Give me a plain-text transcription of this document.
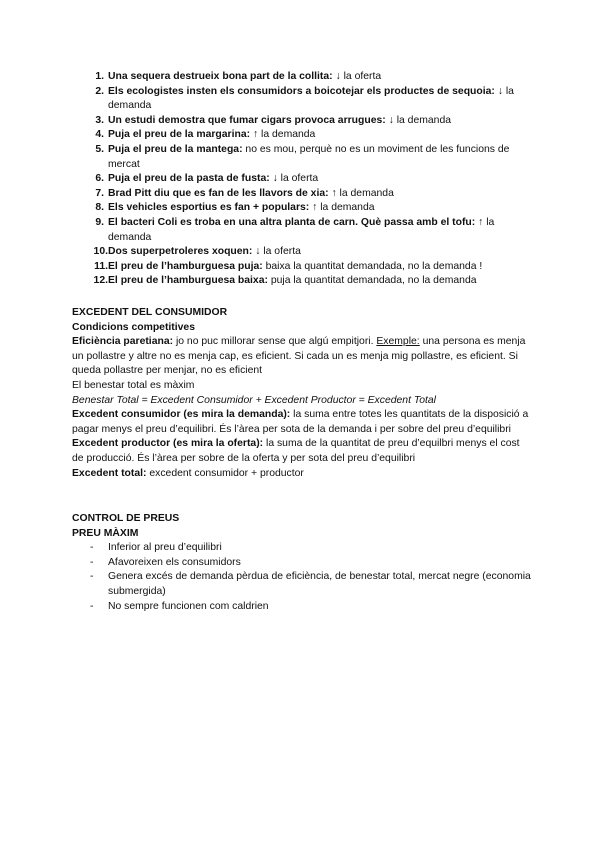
1. Una sequera destrueix bona part de la collita: ↓ la oferta
2. Els ecologistes insten els consumidors a boicotejar els productes de sequoia: ↓ la demanda
3. Un estudi demostra que fumar cigars provoca arrugues: ↓ la demanda
4. Puja el preu de la margarina: ↑ la demanda
5. Puja el preu de la mantega: no es mou, perquè no es un moviment de les funcions de mercat
6. Puja el preu de la pasta de fusta: ↓ la oferta
7. Brad Pitt diu que es fan de les llavors de xia: ↑ la demanda
8. Els vehicles esportius es fan + populars: ↑ la demanda
9. El bacteri Coli es troba en una altra planta de carn. Què passa amb el tofu: ↑ la demanda
10. Dos superpetroleres xoquen: ↓ la oferta
11. El preu de l’hamburguesa puja: baixa la quantitat demandada, no la demanda !
12. El preu de l’hamburguesa baixa: puja la quantitat demandada, no la demanda
EXCEDENT DEL CONSUMIDOR
Condicions competitives
Eficiència paretiana: jo no puc millorar sense que algú empitjori. Exemple: una persona es menja un pollastre y altre no es menja cap, es eficient. Si cada un es menja mig pollastre, es eficient. Si queda pollastre per menjar, no es eficient
El benestar total es màxim
Benestar Total = Excedent Consumidor + Excedent Productor = Excedent Total
Excedent consumidor (es mira la demanda): la suma entre totes les quantitats de la disposició a pagar menys el preu d’equilibri. És l’àrea per sota de la demanda i per sobre del preu d’equilibri
Excedent productor (es mira la oferta): la suma de la quantitat de preu d’equilbri menys el cost de producció. És l’àrea per sobre de la oferta y per sota del preu d’equilibri
Excedent total: excedent consumidor + productor
CONTROL DE PREUS
PREU MÀXIM
- Inferior al preu d’equilibri
- Afavoreixen els consumidors
- Genera excés de demanda pèrdua de eficiència, de benestar total, mercat negre (economia submergida)
- No sempre funcionen com caldrien
